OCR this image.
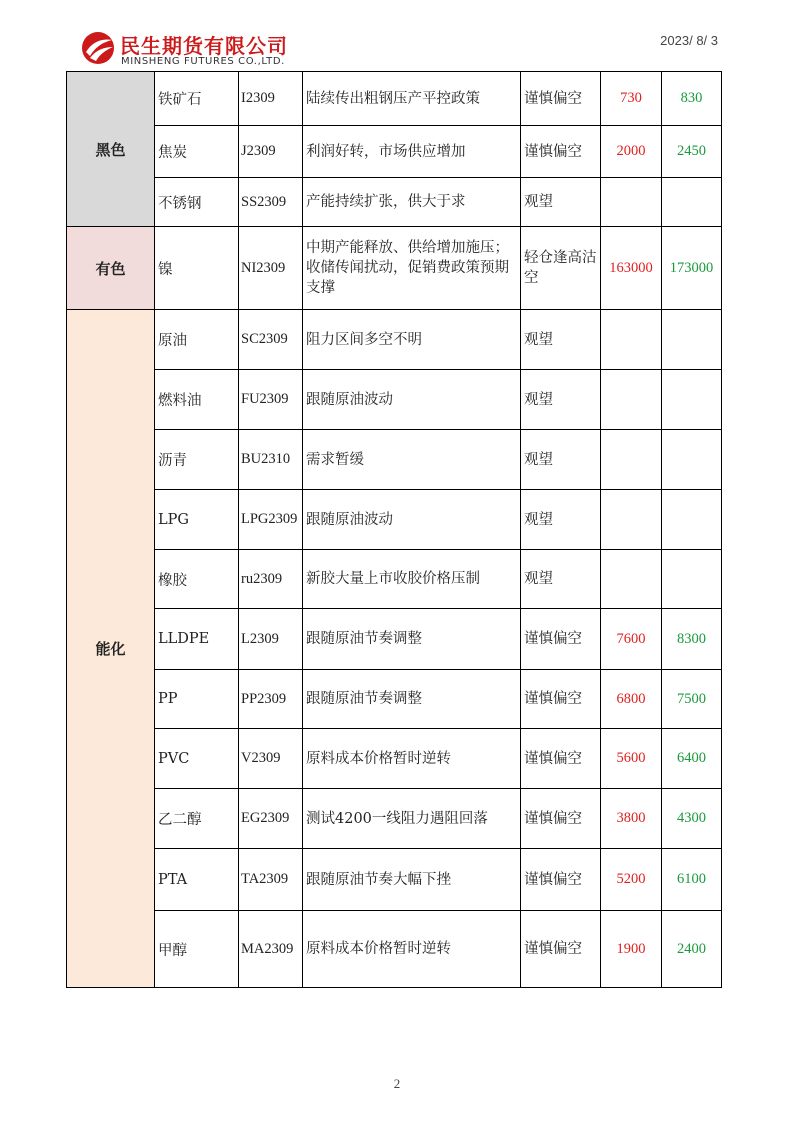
民生期货有限公司
MINSHENG FUTURES CO.,LTD.
2023/ 8/ 3
黑色	铁矿石	I2309	陆续传出粗钢压产平控政策	谨慎偏空	730	830
	焦炭	J2309	利润好转，市场供应增加	谨慎偏空	2000	2450
	不锈钢	SS2309	产能持续扩张，供大于求	观望		
有色	镍	NI2309	中期产能释放、供给增加施压；收储传闻扰动，促销费政策预期支撑	轻仓逢高沽空	163000	173000
能化	原油	SC2309	阻力区间多空不明	观望		
	燃料油	FU2309	跟随原油波动	观望		
	沥青	BU2310	需求暂缓	观望		
	LPG	LPG2309	跟随原油波动	观望		
	橡胶	ru2309	新胶大量上市收胶价格压制	观望		
	LLDPE	L2309	跟随原油节奏调整	谨慎偏空	7600	8300
	PP	PP2309	跟随原油节奏调整	谨慎偏空	6800	7500
	PVC	V2309	原料成本价格暂时逆转	谨慎偏空	5600	6400
	乙二醇	EG2309	测试4200一线阻力遇阻回落	谨慎偏空	3800	4300
	PTA	TA2309	跟随原油节奏大幅下挫	谨慎偏空	5200	6100
	甲醇	MA2309	原料成本价格暂时逆转	谨慎偏空	1900	2400
2
